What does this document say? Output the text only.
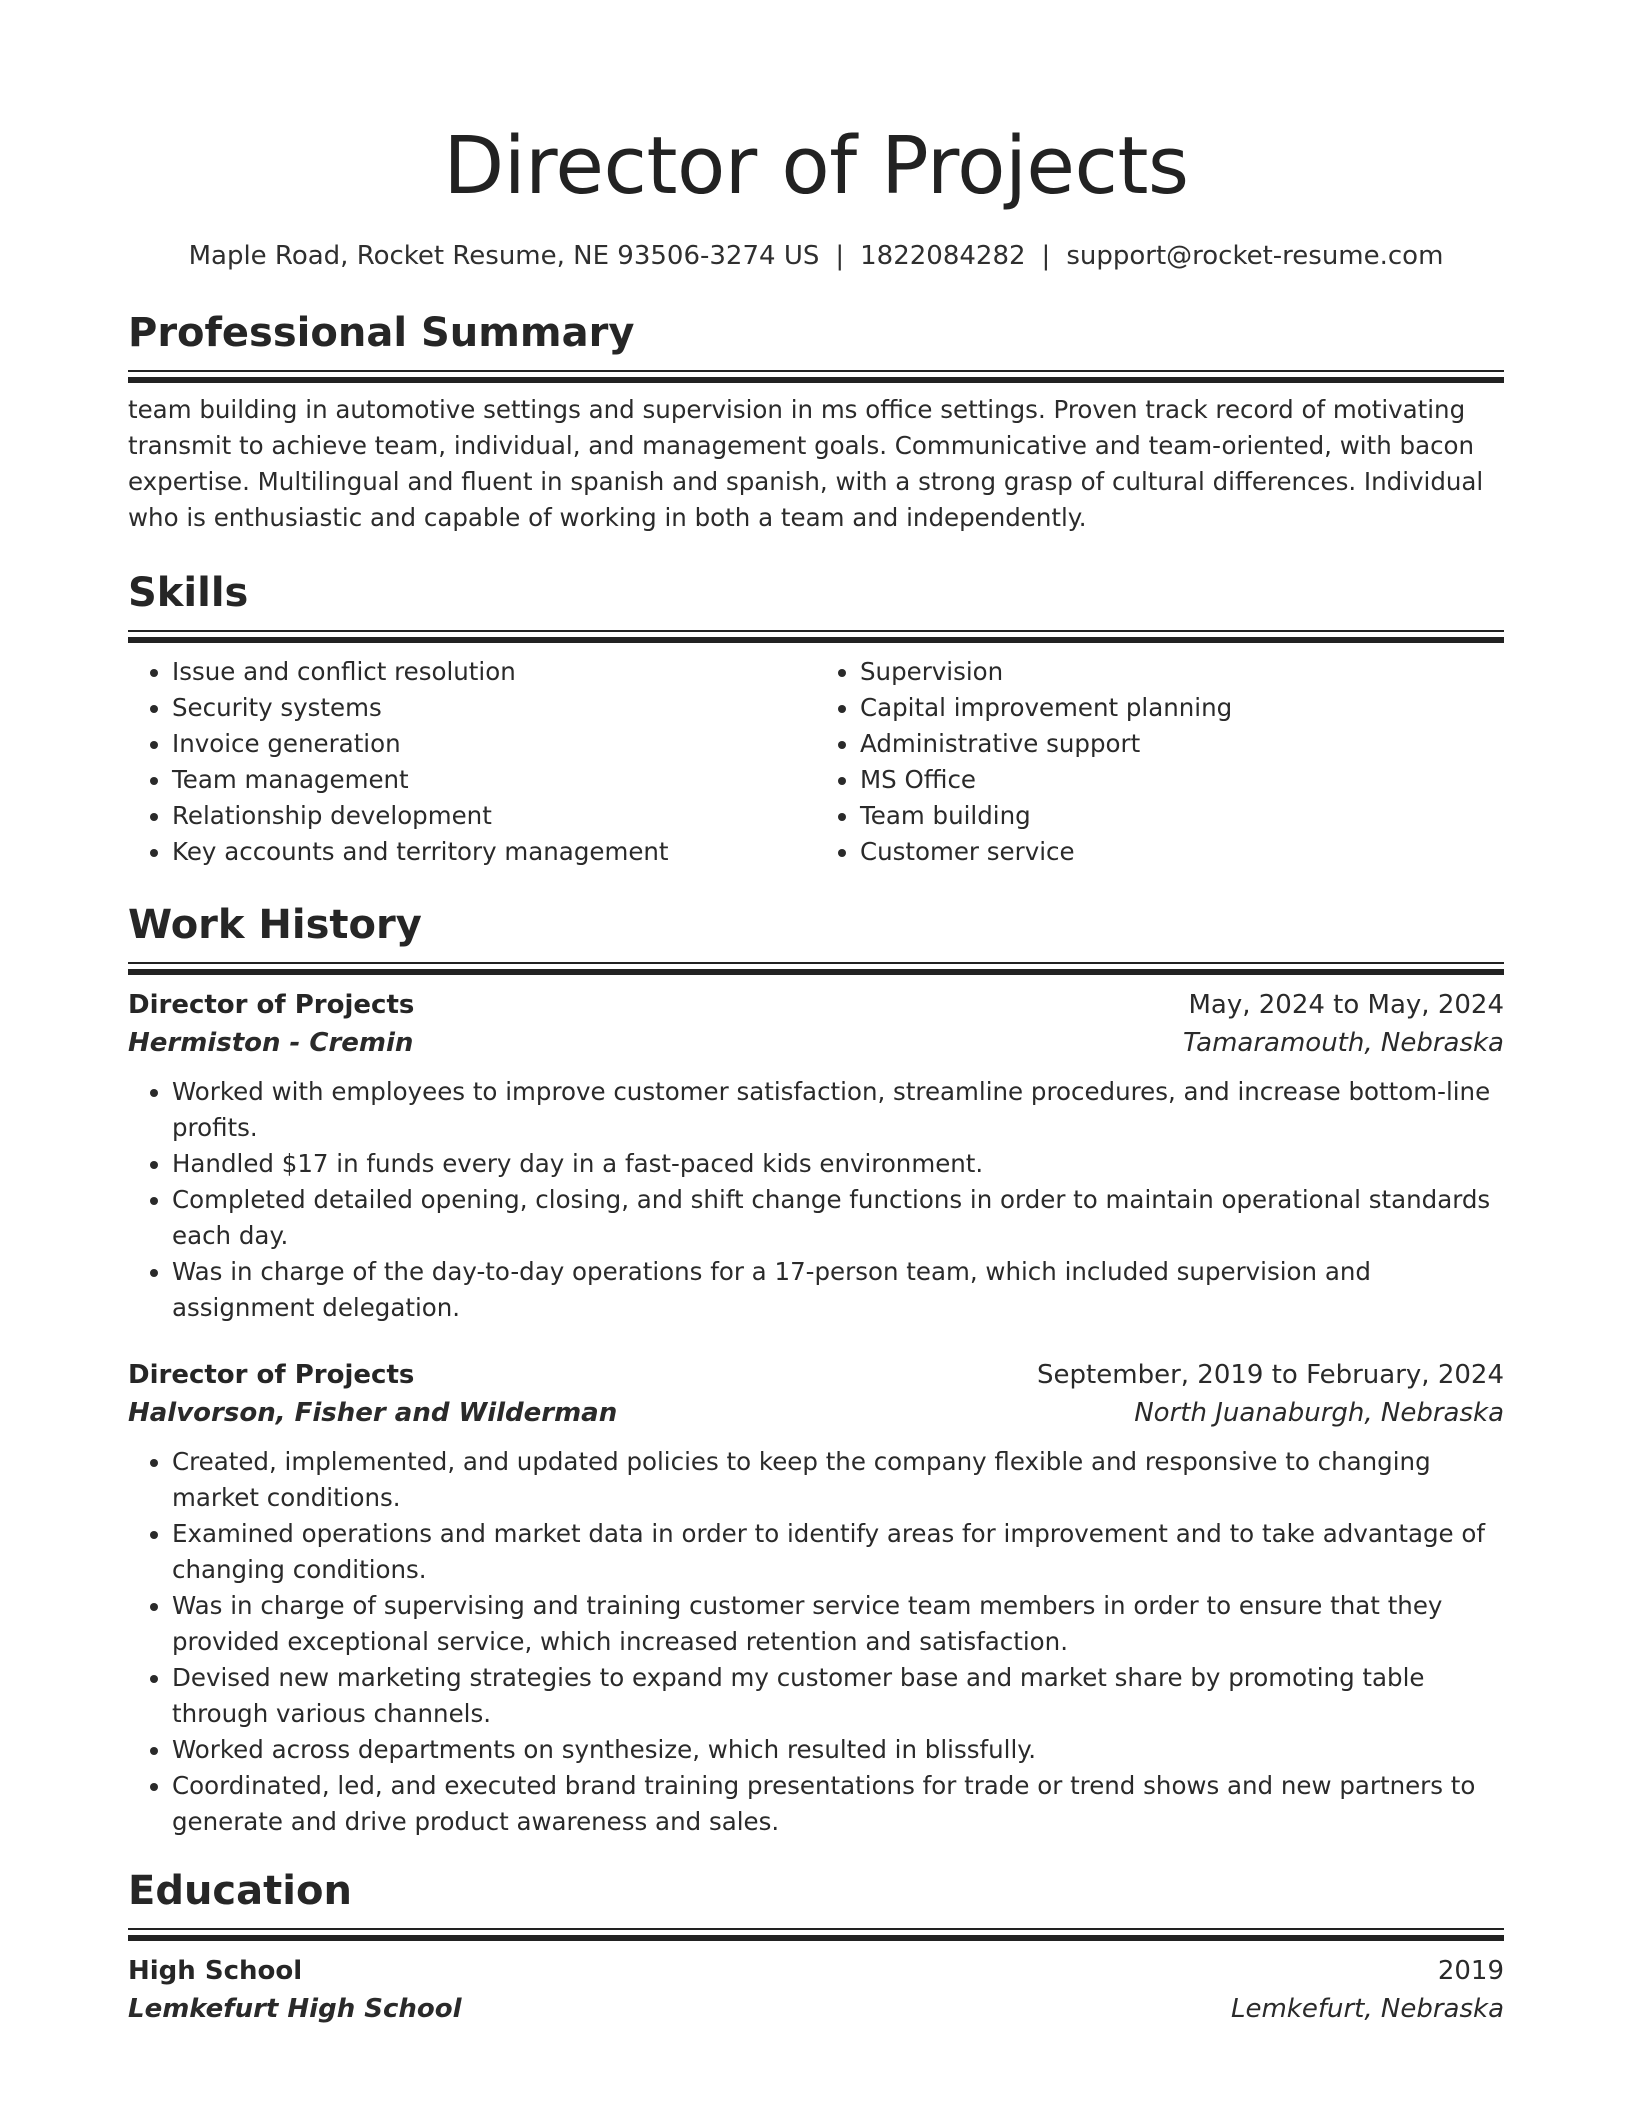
Director of Projects
Maple Road, Rocket Resume, NE 93506-3274 US | 1822084282 | support@rocket-resume.com
Professional Summary
team building in automotive settings and supervision in ms office settings. Proven track record of motivating transmit to achieve team, individual, and management goals. Communicative and team-oriented, with bacon expertise. Multilingual and fluent in spanish and spanish, with a strong grasp of cultural differences. Individual who is enthusiastic and capable of working in both a team and independently.
Skills
• Issue and conflict resolution
• Security systems
• Invoice generation
• Team management
• Relationship development
• Key accounts and territory management
• Supervision
• Capital improvement planning
• Administrative support
• MS Office
• Team building
• Customer service
Work History
Director of Projects	May, 2024 to May, 2024
Hermiston - Cremin	Tamaramouth, Nebraska
• Worked with employees to improve customer satisfaction, streamline procedures, and increase bottom-line profits.
• Handled $17 in funds every day in a fast-paced kids environment.
• Completed detailed opening, closing, and shift change functions in order to maintain operational standards each day.
• Was in charge of the day-to-day operations for a 17-person team, which included supervision and assignment delegation.
Director of Projects	September, 2019 to February, 2024
Halvorson, Fisher and Wilderman	North Juanaburgh, Nebraska
• Created, implemented, and updated policies to keep the company flexible and responsive to changing market conditions.
• Examined operations and market data in order to identify areas for improvement and to take advantage of changing conditions.
• Was in charge of supervising and training customer service team members in order to ensure that they provided exceptional service, which increased retention and satisfaction.
• Devised new marketing strategies to expand my customer base and market share by promoting table through various channels.
• Worked across departments on synthesize, which resulted in blissfully.
• Coordinated, led, and executed brand training presentations for trade or trend shows and new partners to generate and drive product awareness and sales.
Education
High School	2019
Lemkefurt High School	Lemkefurt, Nebraska
